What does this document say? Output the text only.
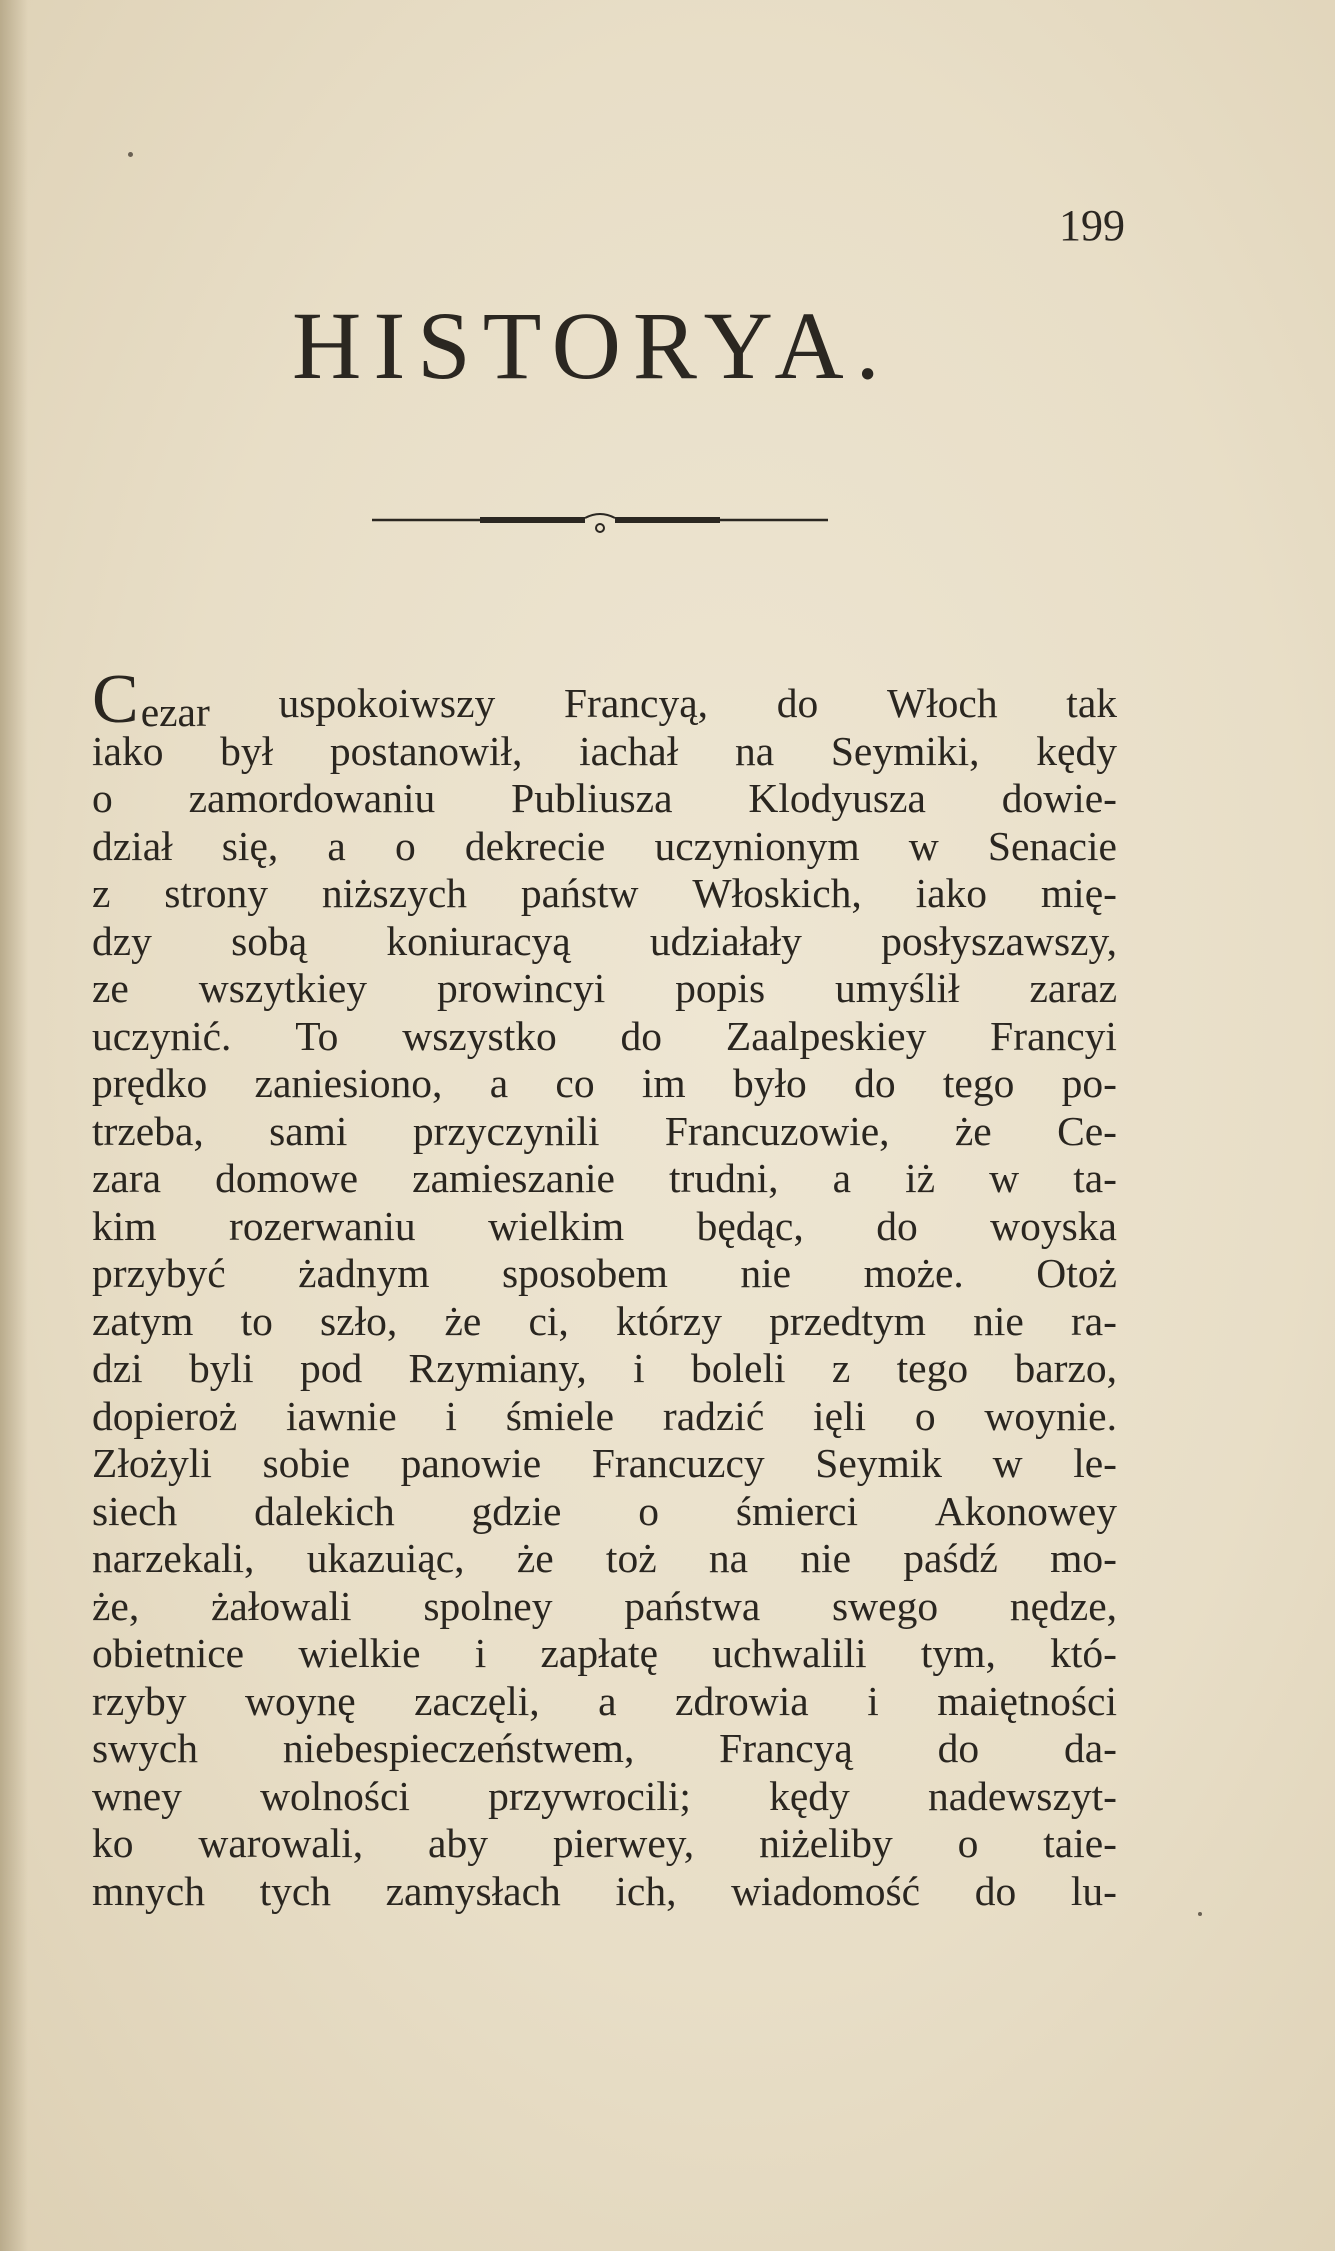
199
HISTORYA.
Cezar uspokoiwszy Francyą, do Włoch tak
iako był postanowił, iachał na Seymiki, kędy
o zamordowaniu Publiusza Klodyusza dowie-
dział się, a o dekrecie uczynionym w Senacie
z strony niższych państw Włoskich, iako mię-
dzy sobą koniuracyą udziałały posłyszawszy,
ze wszytkiey prowincyi popis umyślił zaraz
uczynić. To wszystko do Zaalpeskiey Francyi
prędko zaniesiono, a co im było do tego po-
trzeba, sami przyczynili Francuzowie, że Ce-
zara domowe zamieszanie trudni, a iż w ta-
kim rozerwaniu wielkim będąc, do woyska
przybyć żadnym sposobem nie może. Otoż
zatym to szło, że ci, którzy przedtym nie ra-
dzi byli pod Rzymiany, i boleli z tego barzo,
dopieroż iawnie i śmiele radzić ięli o woynie.
Złożyli sobie panowie Francuzcy Seymik w le-
siech dalekich gdzie o śmierci Akonowey
narzekali, ukazuiąc, że toż na nie paśdź mo-
że, żałowali spolney państwa swego nędze,
obietnice wielkie i zapłatę uchwalili tym, któ-
rzyby woynę zaczęli, a zdrowia i maiętności
swych niebespieczeństwem, Francyą do da-
wney wolności przywrocili; kędy nadewszyt-
ko warowali, aby pierwey, niżeliby o taie-
mnych tych zamysłach ich, wiadomość do lu-
